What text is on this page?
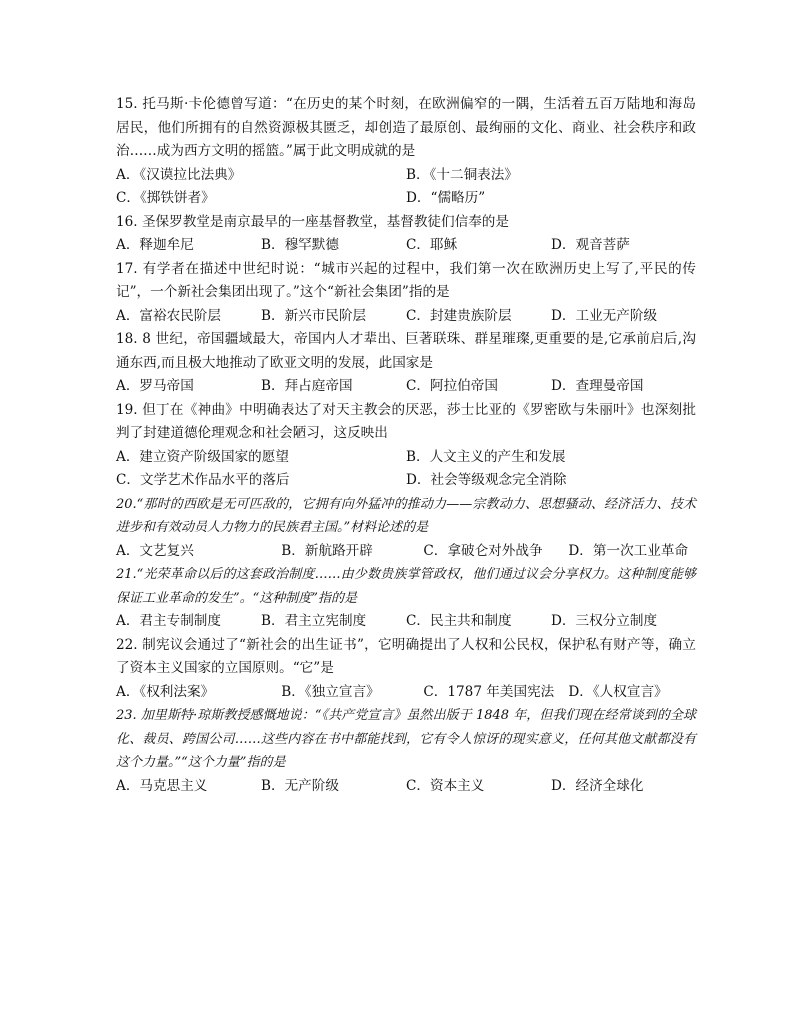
15. 托马斯·卡伦德曾写道：“在历史的某个时刻，在欧洲偏窄的一隅，生活着五百万陆地和海岛居民，他们所拥有的自然资源极其匮乏，却创造了最原创、最绚丽的文化、商业、社会秩序和政治……成为西方文明的摇篮。”属于此文明成就的是

A．《汉谟拉比法典》	B．《十二铜表法》
C．《掷铁饼者》	D．“儒略历”

16. 圣保罗教堂是南京最早的一座基督教堂，基督教徒们信奉的是

A．释迦牟尼	B．穆罕默德	C．耶稣	D．观音菩萨

17. 有学者在描述中世纪时说：“城市兴起的过程中，我们第一次在欧洲历史上写了,平民的传记”，一个新社会集团出现了。”这个“新社会集团”指的是

A．富裕农民阶层	B．新兴市民阶层	C．封建贵族阶层	D．工业无产阶级

18. 8 世纪，帝国疆域最大，帝国内人才辈出、巨著联珠、群星璀璨,更重要的是,它承前启后,沟通东西,而且极大地推动了欧亚文明的发展，此国家是

A．罗马帝国	B．拜占庭帝国	C．阿拉伯帝国	D．查理曼帝国

19. 但丁在《神曲》中明确表达了对天主教会的厌恶，莎士比亚的《罗密欧与朱丽叶》也深刻批判了封建道德伦理观念和社会陋习，这反映出

A．建立资产阶级国家的愿望	B．人文主义的产生和发展
C．文学艺术作品水平的落后	D．社会等级观念完全消除

20.“那时的西欧是无可匹敌的，它拥有向外猛冲的推动力——宗教动力、思想骚动、经济活力、技术进步和有效动员人力物力的民族君主国。”材料论述的是

A．文艺复兴	B．新航路开辟	C．拿破仑对外战争	D．第一次工业革命

21.“光荣革命以后的这套政治制度……由少数贵族掌管政权，他们通过议会分享权力。这种制度能够保证工业革命的发生”。“这种制度”指的是

A．君主专制制度	B．君主立宪制度	C．民主共和制度	D．三权分立制度

22. 制宪议会通过了“新社会的出生证书”，它明确提出了人权和公民权，保护私有财产等，确立了资本主义国家的立国原则。“它”是

A．《权利法案》	B．《独立宣言》	C．1787 年美国宪法	D．《人权宣言》

23. 加里斯特·琼斯教授感慨地说：“《共产党宣言》虽然出版于 1848 年，但我们现在经常谈到的全球化、裁员、跨国公司……这些内容在书中都能找到，它有令人惊讶的现实意义，任何其他文献都没有这个力量。”“这个力量”指的是

A．马克思主义	B．无产阶级	C．资本主义	D．经济全球化
